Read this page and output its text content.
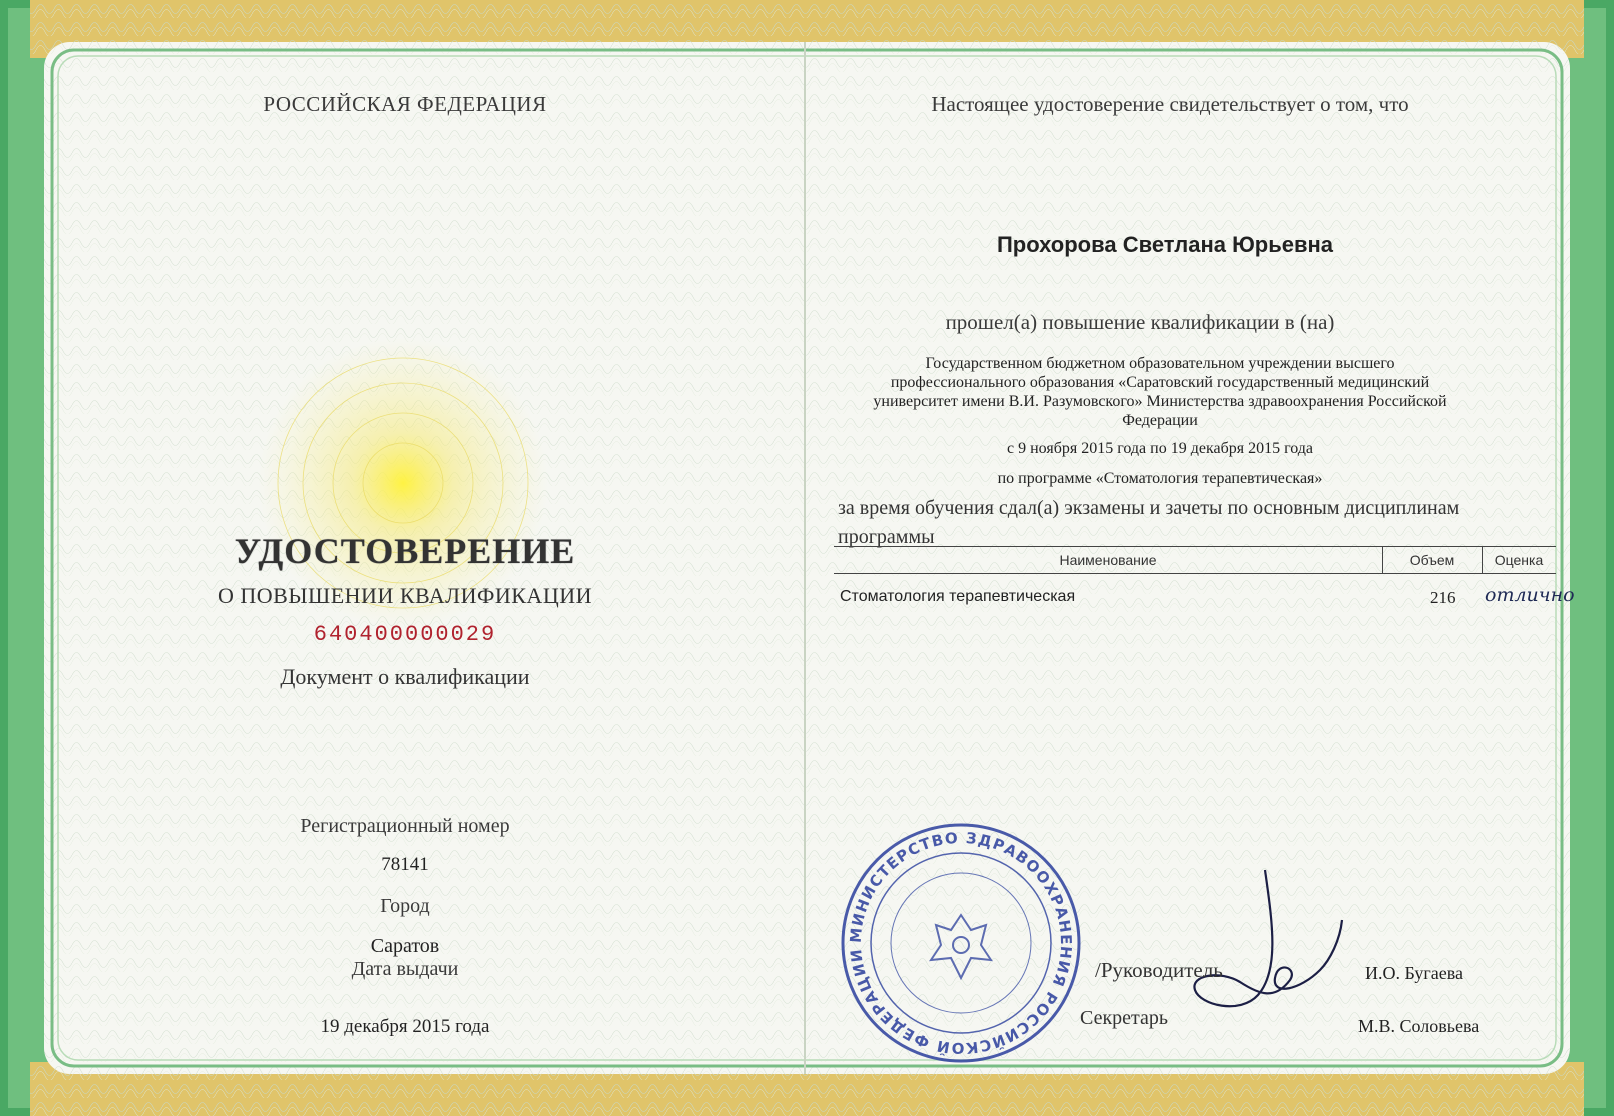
РОССИЙСКАЯ ФЕДЕРАЦИЯ
УДОСТОВЕРЕНИЕ
О ПОВЫШЕНИИ КВАЛИФИКАЦИИ
640400000029
Документ о квалификации
Регистрационный номер
78141
Город
Саратов
Дата выдачи
19 декабря 2015 года
Настоящее удостоверение свидетельствует о том, что
Прохорова Светлана Юрьевна
прошел(а) повышение квалификации в (на)
Государственном бюджетном образовательном учреждении высшего
профессионального образования «Саратовский государственный медицинский
университет имени В.И. Разумовского» Министерства здравоохранения Российской
Федерации
с 9 ноября 2015 года по 19 декабря 2015 года
по программе «Стоматология терапевтическая»
за время обучения сдал(а) экзамены и зачеты по основным дисциплинам программы
Наименование	Объем	Оценка
Стоматология терапевтическая	216 отлично
МИНИСТЕРСТВО ЗДРАВООХРАНЕНИЯ РОССИЙСКОЙ ФЕДЕРАЦИИ
/Руководитель
Секретарь
И.О. Бугаева
М.В. Соловьева
